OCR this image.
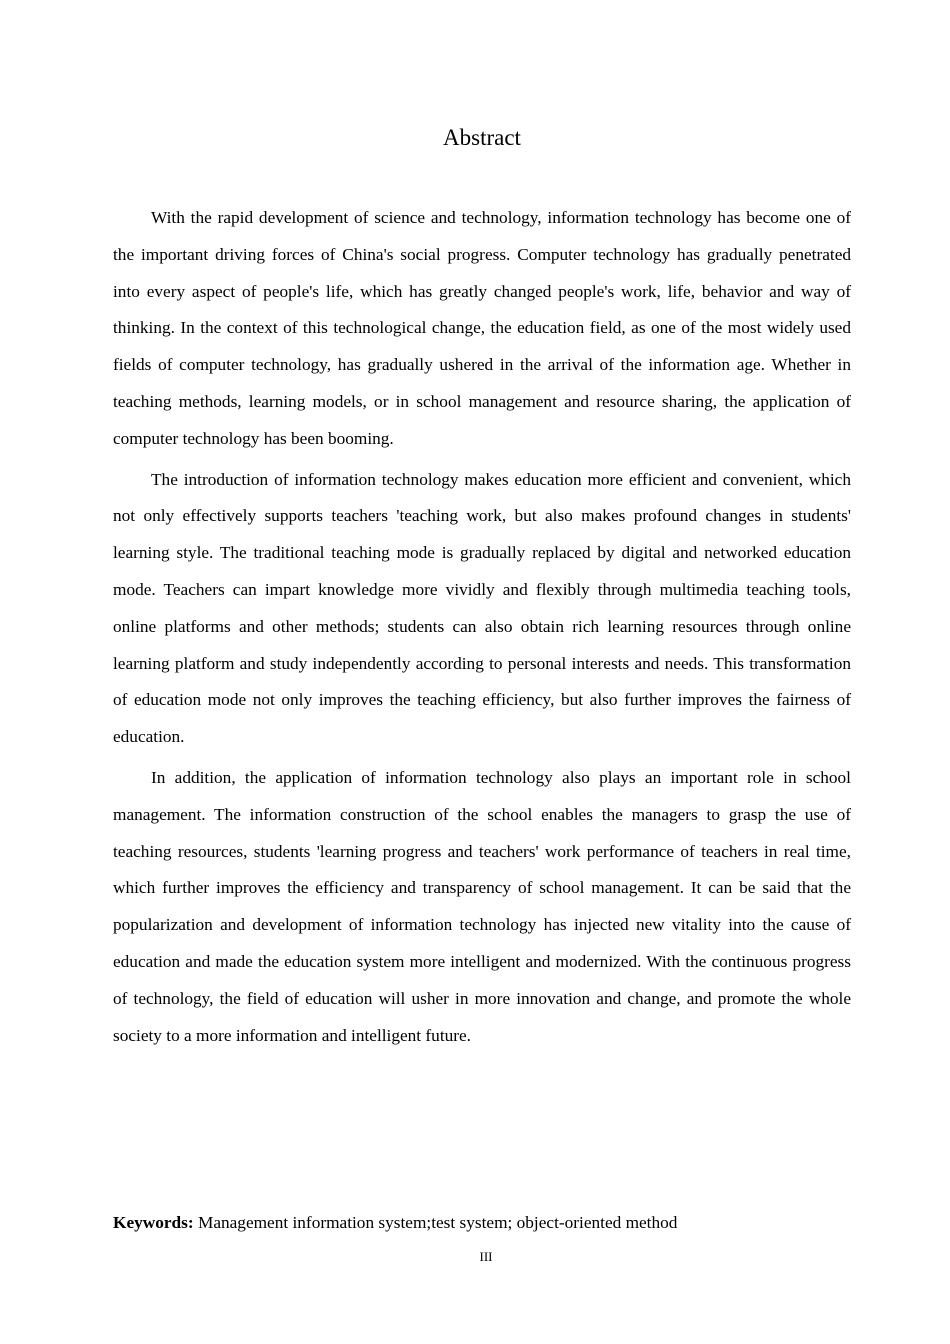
Abstract

With the rapid development of science and technology, information technology has become one of the important driving forces of China's social progress. Computer technology has gradually penetrated into every aspect of people's life, which has greatly changed people's work, life, behavior and way of thinking. In the context of this technological change, the education field, as one of the most widely used fields of computer technology, has gradually ushered in the arrival of the information age. Whether in teaching methods, learning models, or in school management and resource sharing, the application of computer technology has been booming.

The introduction of information technology makes education more efficient and convenient, which not only effectively supports teachers 'teaching work, but also makes profound changes in students' learning style. The traditional teaching mode is gradually replaced by digital and networked education mode. Teachers can impart knowledge more vividly and flexibly through multimedia teaching tools, online platforms and other methods; students can also obtain rich learning resources through online learning platform and study independently according to personal interests and needs. This transformation of education mode not only improves the teaching efficiency, but also further improves the fairness of education.

In addition, the application of information technology also plays an important role in school management. The information construction of the school enables the managers to grasp the use of teaching resources, students 'learning progress and teachers' work performance of teachers in real time, which further improves the efficiency and transparency of school management. It can be said that the popularization and development of information technology has injected new vitality into the cause of education and made the education system more intelligent and modernized. With the continuous progress of technology, the field of education will usher in more innovation and change, and promote the whole society to a more information and intelligent future.

Keywords: Management information system;test system; object-oriented method

III
